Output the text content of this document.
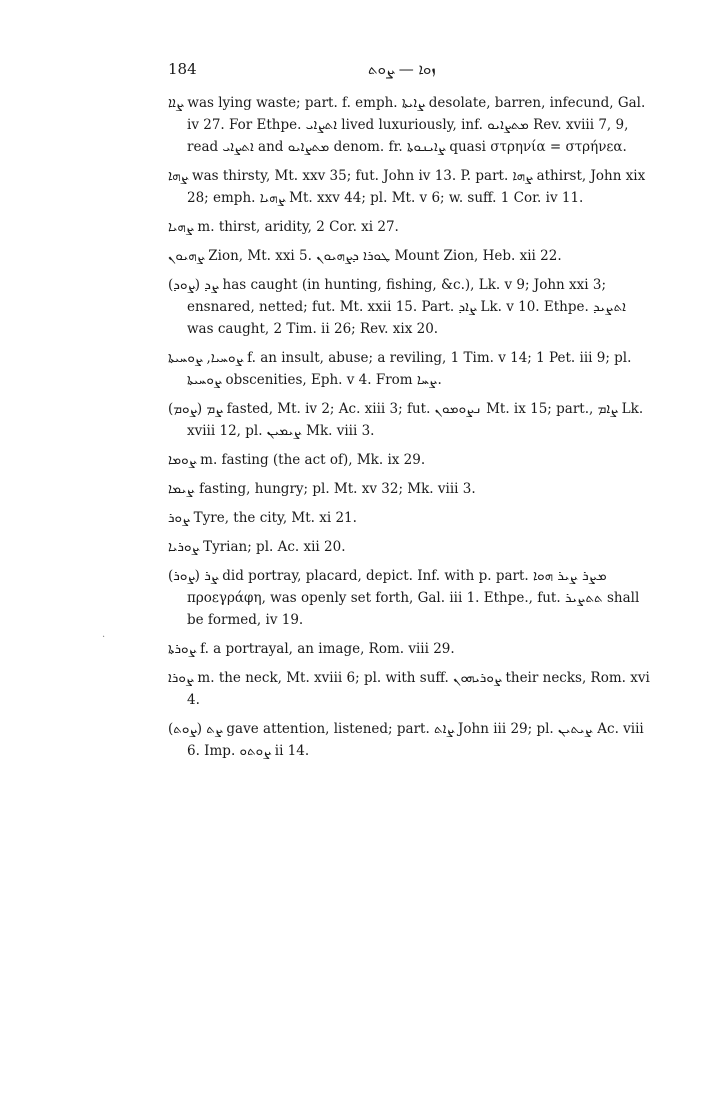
184	ܙܘܐ — ܨܘܬ
·
ܨܐܐ was lying waste; part. f. emph. ܨܐܝܬܐ desolate, barren, infecund, Gal. iv 27. For Ethpe. ܐܬܨܐܝ lived luxuriously, inf. ܡܬܨܐܝܘ Rev. xviii 7, 9, read ܐܬܨܐܝ and ܡܬܨܐܝܘ denom. fr. ܨܐܝܢܘܬܐ quasi στρηνία = στρήνεα.
ܨܗܐ was thirsty, Mt. xxv 35; fut. John iv 13. P. part. ܨܗܐ athirst, John xix 28; emph. ܨܗܝܐ Mt. xxv 44; pl. Mt. v 6; w. suff. 1 Cor. iv 11.
ܨܗܝܐ m. thirst, aridity, 2 Cor. xi 27.
ܨܗܝܘܢ Zion, Mt. xxi 5. ܛܘܪܐ ܕܨܗܝܘܢ Mount Zion, Heb. xii 22.
(ܨܘܕ) ܨܕ has caught (in hunting, fishing, &c.), Lk. v 9; John xxi 3; ensnared, netted; fut. Mt. xxii 15. Part. ܨܐܕ Lk. v 10. Ethpe. ܐܬܨܝܕ was caught, 2 Tim. ii 26; Rev. xix 20.
ܨܘܚܝܐ, ܨܘܚܝܬܐ f. an insult, abuse; a reviling, 1 Tim. v 14; 1 Pet. iii 9; pl. ܨܘܚܝܬܐ obscenities, Eph. v 4. From ܨܚܐ.
(ܨܘܡ) ܨܡ fasted, Mt. iv 2; Ac. xiii 3; fut. ܢܨܘܡܘܢ Mt. ix 15; part., ܨܐܡ Lk. xviii 12, pl. ܨܝܡܝܢ Mk. viii 3.
ܨܘܡܐ m. fasting (the act of), Mk. ix 29.
ܨܝܡܐ fasting, hungry; pl. Mt. xv 32; Mk. viii 3.
ܨܘܪ Tyre, the city, Mt. xi 21.
ܨܘܪܝܐ Tyrian; pl. Ac. xii 20.
(ܨܘܪ) ܨܪ did portray, placard, depict. Inf. with p. part. ܡܨܪ ܨܝܪ ܗܘܐ προεγράφη, was openly set forth, Gal. iii 1. Ethpe., fut. ܬܬܨܝܪ shall be formed, iv 19.
ܨܘܪܬܐ f. a portrayal, an image, Rom. viii 29.
ܨܘܪܐ m. the neck, Mt. xviii 6; pl. with suff. ܨܘܪܝܗܘܢ their necks, Rom. xvi 4.
(ܨܘܬ) ܨܬ gave attention, listened; part. ܨܐܬ John iii 29; pl. ܨܝܬܝܢ Ac. viii 6. Imp. ܨܘܬܘ ii 14.
